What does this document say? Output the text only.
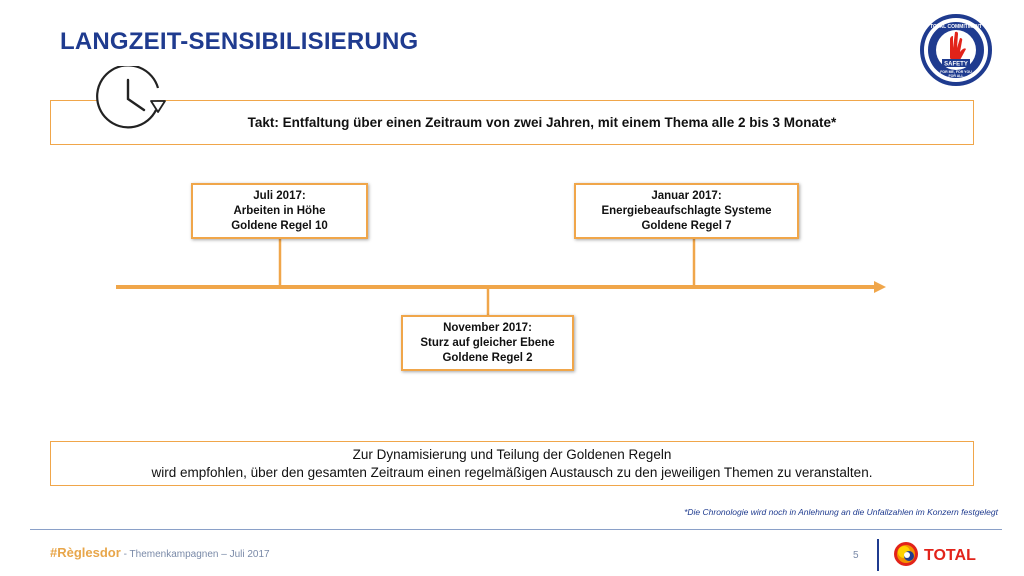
LANGZEIT-SENSIBILISIERUNG
TOTAL COMMITMENT
SAFETY
FOR ME, FOR YOU
FOR ALL
Takt: Entfaltung über einen Zeitraum von zwei Jahren, mit einem Thema alle 2 bis 3 Monate*
Juli 2017:
Arbeiten in Höhe
Goldene Regel 10
Januar 2017:
Energiebeaufschlagte Systeme
Goldene Regel 7
November 2017:
Sturz auf gleicher Ebene
Goldene Regel 2
Zur Dynamisierung und Teilung der Goldenen Regeln
wird empfohlen, über den gesamten Zeitraum einen regelmäßigen Austausch zu den jeweiligen Themen zu veranstalten.
*Die Chronologie wird noch in Anlehnung an die Unfallzahlen im Konzern festgelegt
#Règlesdor - Themenkampagnen – Juli 2017	5	TOTAL
